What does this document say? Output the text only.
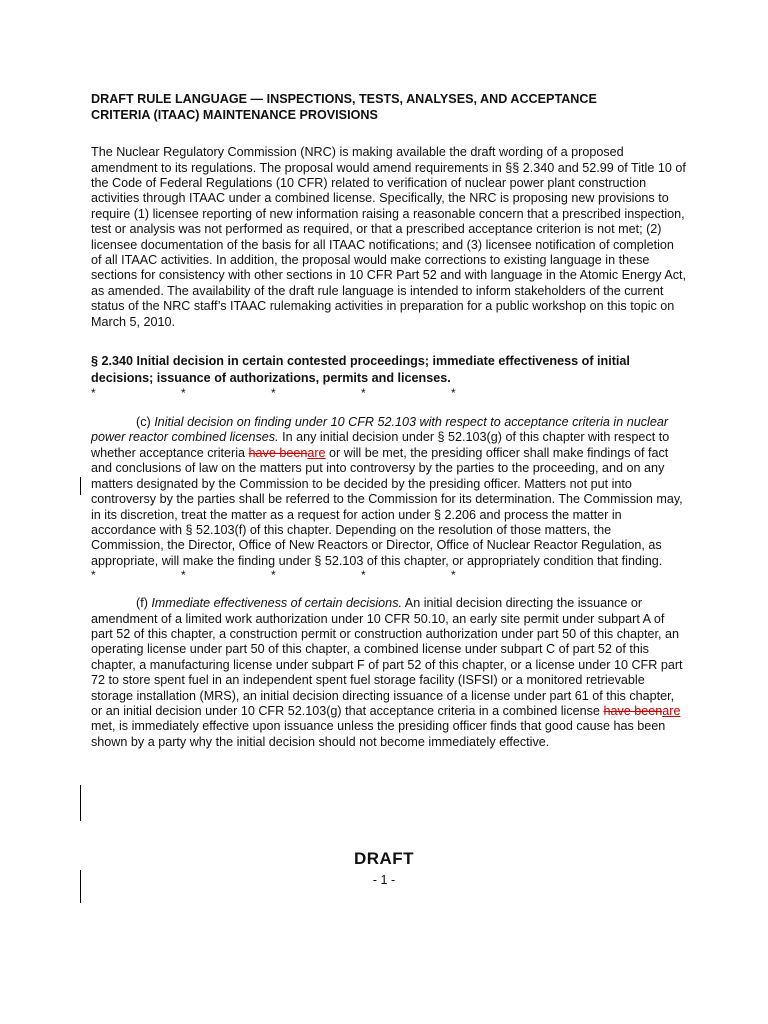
DRAFT RULE LANGUAGE — INSPECTIONS, TESTS, ANALYSES, AND ACCEPTANCE
CRITERIA (ITAAC) MAINTENANCE PROVISIONS

The Nuclear Regulatory Commission (NRC) is making available the draft wording of a proposed amendment to its regulations. The proposal would amend requirements in §§ 2.340 and 52.99 of Title 10 of the Code of Federal Regulations (10 CFR) related to verification of nuclear power plant construction activities through ITAAC under a combined license. Specifically, the NRC is proposing new provisions to require (1) licensee reporting of new information raising a reasonable concern that a prescribed inspection, test or analysis was not performed as required, or that a prescribed acceptance criterion is not met; (2) licensee documentation of the basis for all ITAAC notifications; and (3) licensee notification of completion of all ITAAC activities. In addition, the proposal would make corrections to existing language in these sections for consistency with other sections in 10 CFR Part 52 and with language in the Atomic Energy Act, as amended. The availability of the draft rule language is intended to inform stakeholders of the current status of the NRC staff’s ITAAC rulemaking activities in preparation for a public workshop on this topic on March 5, 2010.

§ 2.340 Initial decision in certain contested proceedings; immediate effectiveness of initial decisions; issuance of authorizations, permits and licenses.

*	*	*	*	*

(c) Initial decision on finding under 10 CFR 52.103 with respect to acceptance criteria in nuclear power reactor combined licenses. In any initial decision under § 52.103(g) of this chapter with respect to whether acceptance criteria have beenare or will be met, the presiding officer shall make findings of fact and conclusions of law on the matters put into controversy by the parties to the proceeding, and on any matters designated by the Commission to be decided by the presiding officer. Matters not put into controversy by the parties shall be referred to the Commission for its determination. The Commission may, in its discretion, treat the matter as a request for action under § 2.206 and process the matter in accordance with § 52.103(f) of this chapter. Depending on the resolution of those matters, the Commission, the Director, Office of New Reactors or Director, Office of Nuclear Reactor Regulation, as appropriate, will make the finding under § 52.103 of this chapter, or appropriately condition that finding.

*	*	*	*	*

(f) Immediate effectiveness of certain decisions. An initial decision directing the issuance or amendment of a limited work authorization under 10 CFR 50.10, an early site permit under subpart A of part 52 of this chapter, a construction permit or construction authorization under part 50 of this chapter, an operating license under part 50 of this chapter, a combined license under subpart C of part 52 of this chapter, a manufacturing license under subpart F of part 52 of this chapter, or a license under 10 CFR part 72 to store spent fuel in an independent spent fuel storage facility (ISFSI) or a monitored retrievable storage installation (MRS), an initial decision directing issuance of a license under part 61 of this chapter, or an initial decision under 10 CFR 52.103(g) that acceptance criteria in a combined license have beenare met, is immediately effective upon issuance unless the presiding officer finds that good cause has been shown by a party why the initial decision should not become immediately effective.

DRAFT
- 1 -
